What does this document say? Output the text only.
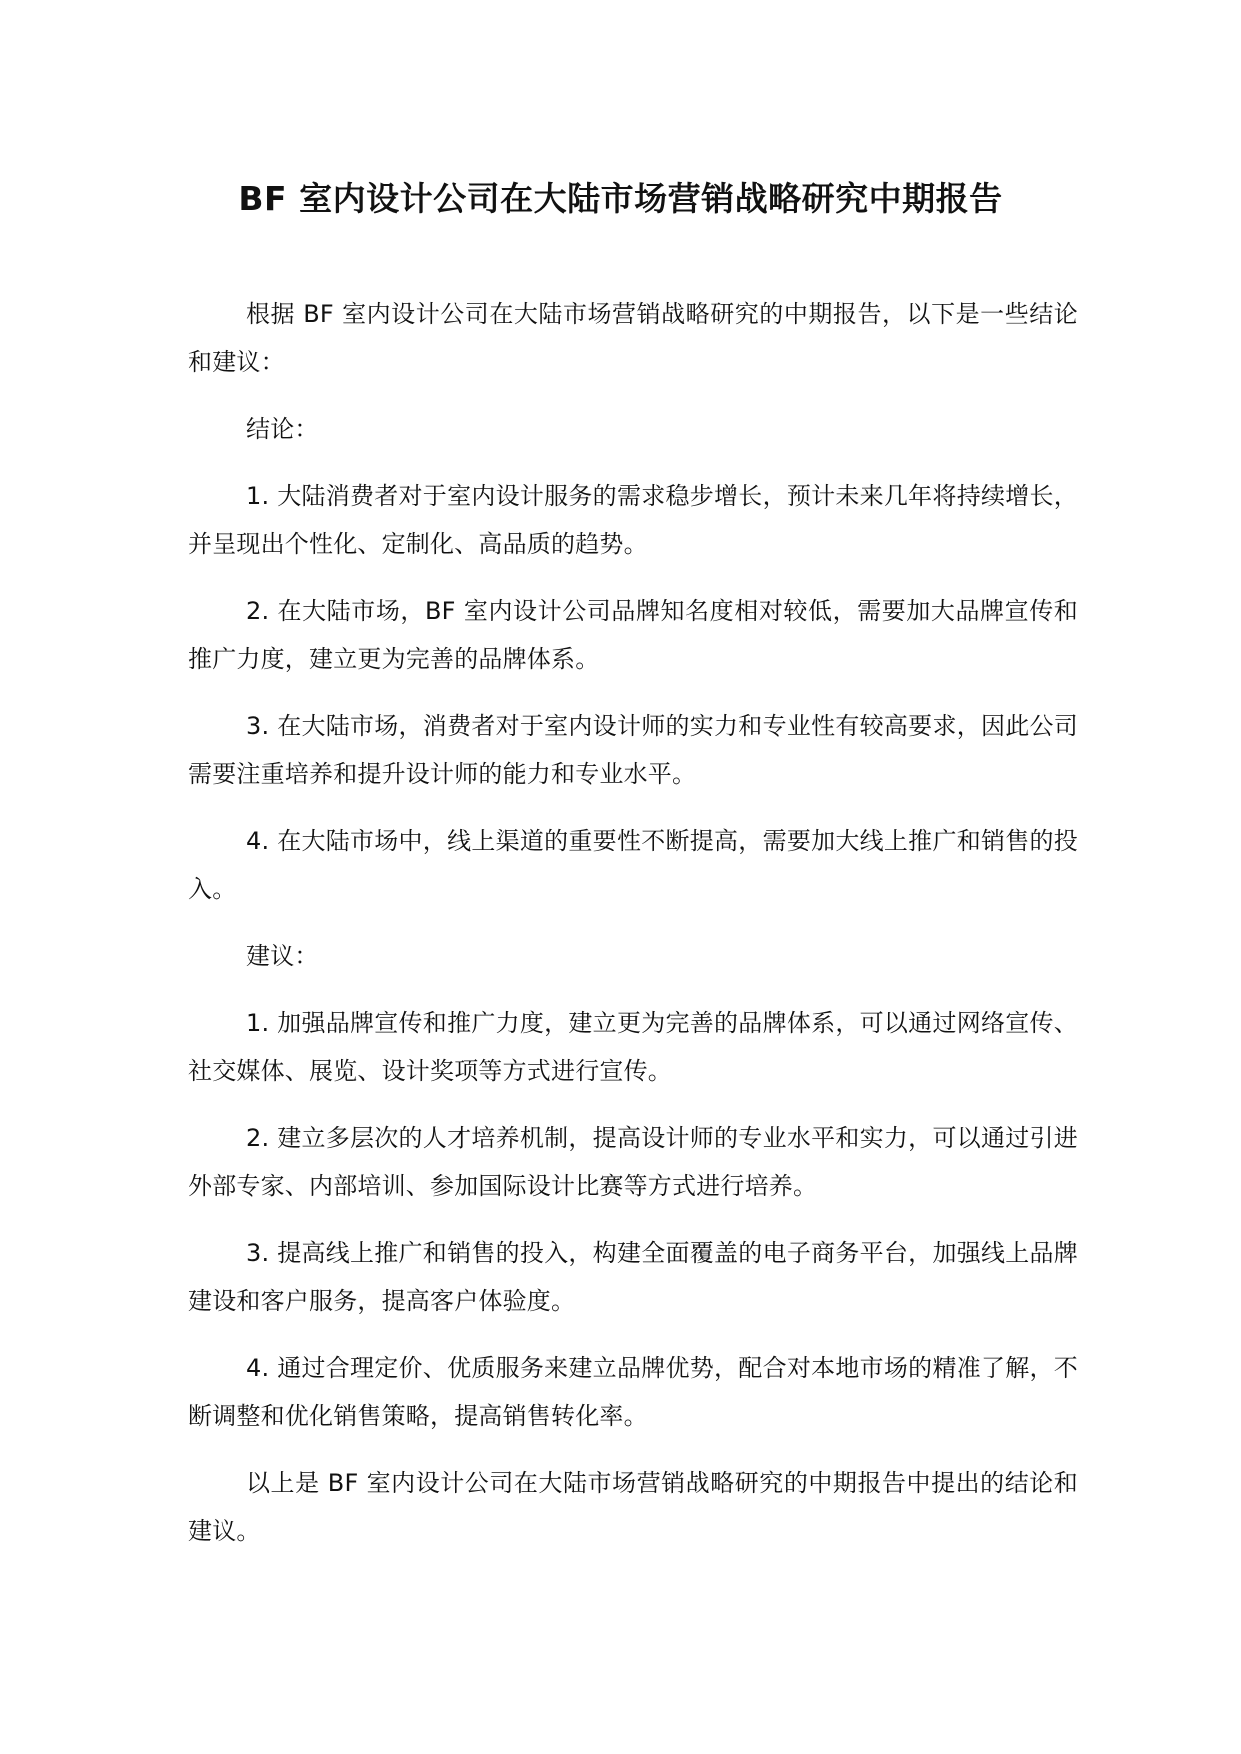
BF 室内设计公司在大陆市场营销战略研究中期报告

根据 BF 室内设计公司在大陆市场营销战略研究的中期报告，以下是一些结论和建议：

结论：

1. 大陆消费者对于室内设计服务的需求稳步增长，预计未来几年将持续增长，并呈现出个性化、定制化、高品质的趋势。

2. 在大陆市场，BF 室内设计公司品牌知名度相对较低，需要加大品牌宣传和推广力度，建立更为完善的品牌体系。

3. 在大陆市场，消费者对于室内设计师的实力和专业性有较高要求，因此公司需要注重培养和提升设计师的能力和专业水平。

4. 在大陆市场中，线上渠道的重要性不断提高，需要加大线上推广和销售的投入。

建议：

1. 加强品牌宣传和推广力度，建立更为完善的品牌体系，可以通过网络宣传、社交媒体、展览、设计奖项等方式进行宣传。

2. 建立多层次的人才培养机制，提高设计师的专业水平和实力，可以通过引进外部专家、内部培训、参加国际设计比赛等方式进行培养。

3. 提高线上推广和销售的投入，构建全面覆盖的电子商务平台，加强线上品牌建设和客户服务，提高客户体验度。

4. 通过合理定价、优质服务来建立品牌优势，配合对本地市场的精准了解，不断调整和优化销售策略，提高销售转化率。

以上是 BF 室内设计公司在大陆市场营销战略研究的中期报告中提出的结论和建议。
